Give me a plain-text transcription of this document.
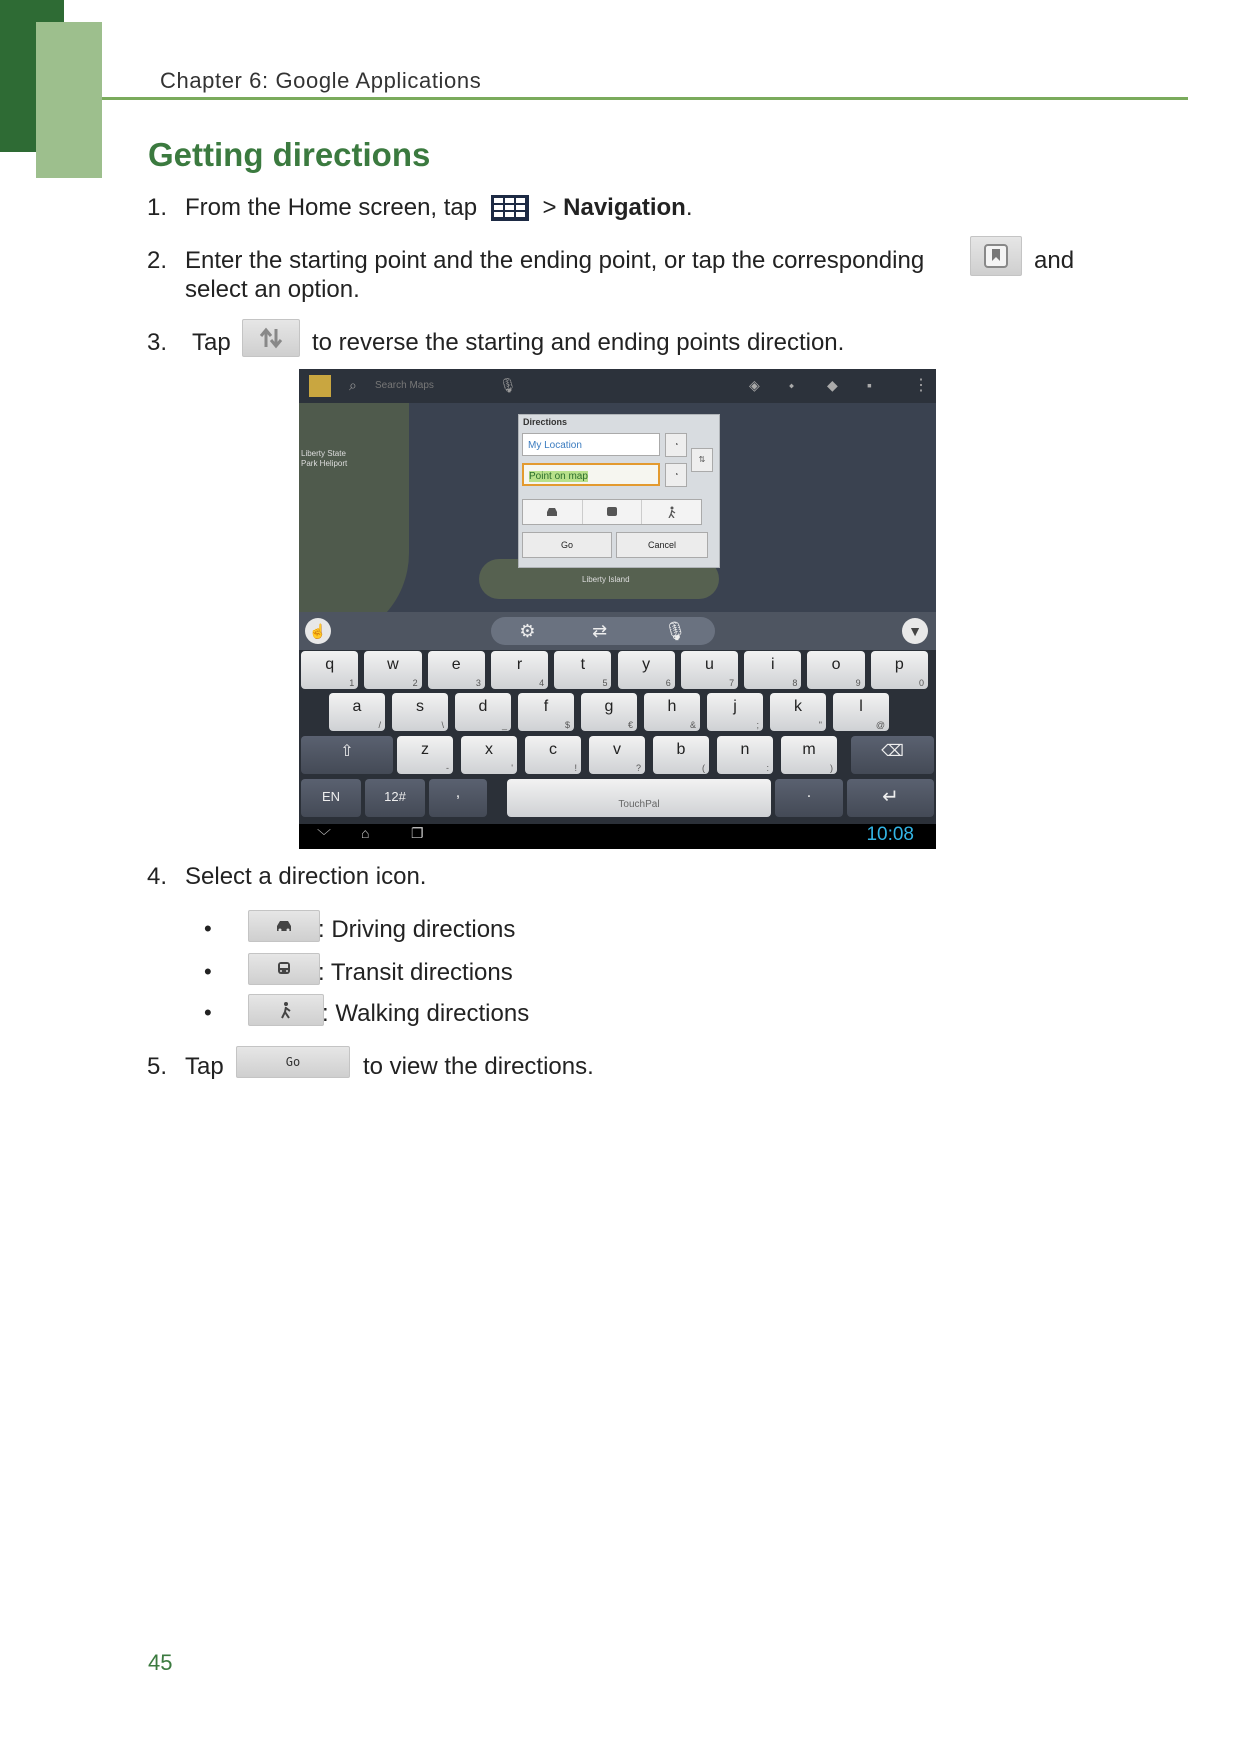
Chapter 6: Google Applications
Getting directions
1. From the Home screen, tap	> Navigation.
2. Enter the starting point and the ending point, or tap the corresponding	and
select an option.
3. Tap	to reverse the starting and ending points direction.
Liberty State
Park Heliport
Liberty Island
⌕ Search Maps	🎙	◈ ⬩ ◆ ▪	⋮
Directions
My Location
Point on map
◔
◔
⇅
Go	Cancel
☝	⚙	⇄	🎙	▼
q
1
w
2
e
3
r
4
t
5
y
6
u
7
i
8
o
9
p
0
a
/
s
\
d
_
f
$
g
€
h
&
j
;
k
"
l
@
z
-
x
'
c
!
v
?
b
(
n
:
m
)
⇧	⌫
EN	12#	,
TouchPal
.	↵
﹀ ⌂	❐	10:08
4. Select a direction icon.
•	: Driving directions
•	: Transit directions
•	: Walking directions
5. Tap	Go	to view the directions.
45
